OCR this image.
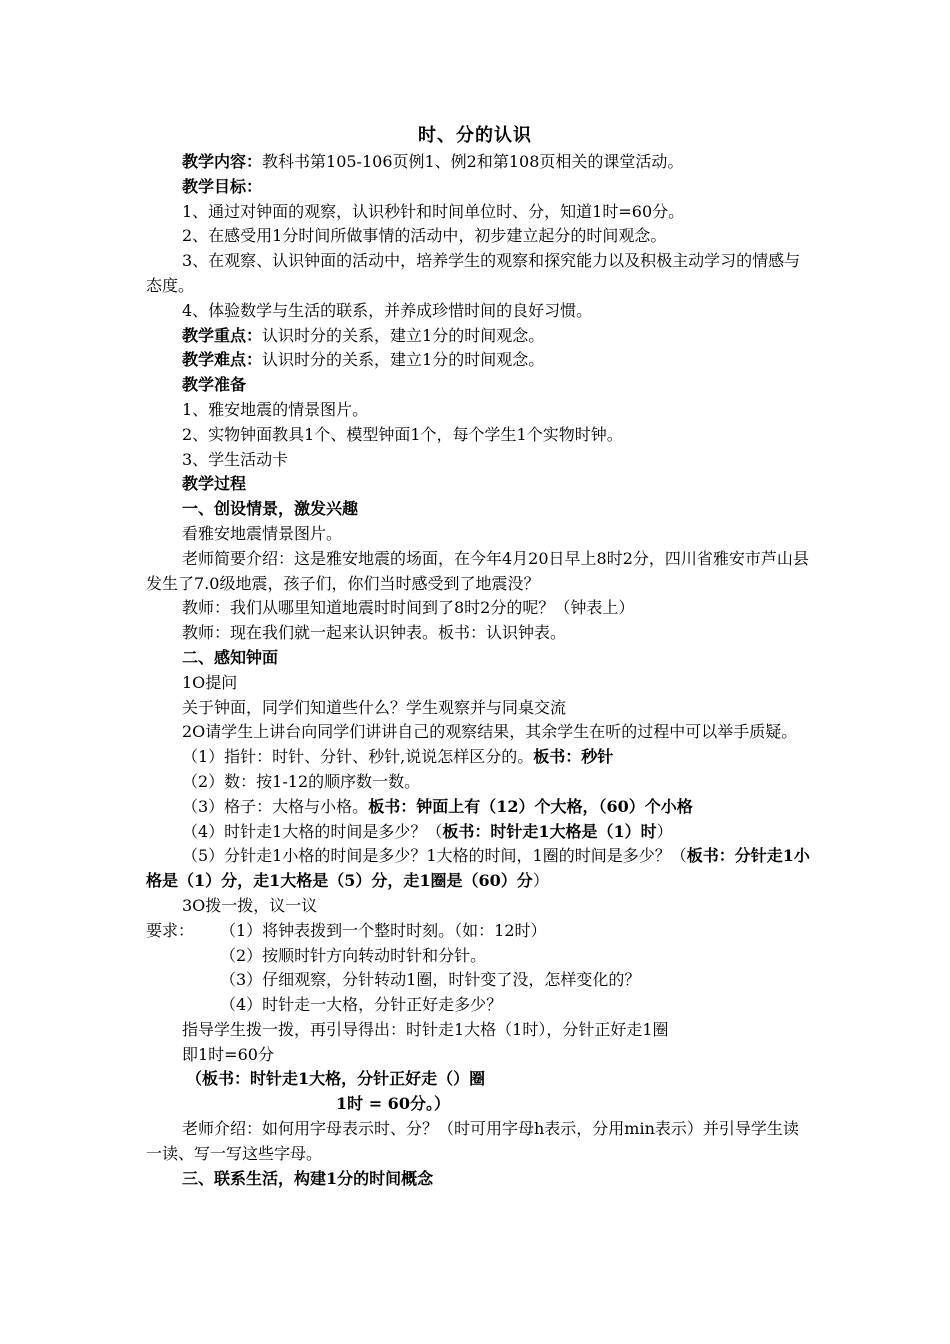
时、分的认识

教学内容：教科书第105-106页例1、例2和第108页相关的课堂活动。

教学目标：

1、通过对钟面的观察，认识秒针和时间单位时、分，知道1时=60分。

2、在感受用1分时间所做事情的活动中，初步建立起分的时间观念。

3、在观察、认识钟面的活动中，培养学生的观察和探究能力以及积极主动学习的情感与态度。

4、体验数学与生活的联系，并养成珍惜时间的良好习惯。

教学重点：认识时分的关系，建立1分的时间观念。

教学难点：认识时分的关系，建立1分的时间观念。

教学准备

1、雅安地震的情景图片。

2、实物钟面教具1个、模型钟面1个，每个学生1个实物时钟。

3、学生活动卡

教学过程

一、创设情景，激发兴趣

看雅安地震情景图片。

老师简要介绍：这是雅安地震的场面，在今年4月20日早上8时2分，四川省雅安市芦山县发生了7.0级地震，孩子们，你们当时感受到了地震没？

教师：我们从哪里知道地震时时间到了8时2分的呢？（钟表上）

教师：现在我们就一起来认识钟表。板书：认识钟表。

二、感知钟面

1O提问

关于钟面，同学们知道些什么？学生观察并与同桌交流

2O请学生上讲台向同学们讲讲自己的观察结果，其余学生在听的过程中可以举手质疑。

（1）指针：时针、分针、秒针,说说怎样区分的。板书：秒针

（2）数：按1-12的顺序数一数。

（3）格子：大格与小格。板书：钟面上有（12）个大格，（60）个小格

（4）时针走1大格的时间是多少？（板书：时针走1大格是（1）时）

（5）分针走1小格的时间是多少？1大格的时间，1圈的时间是多少？（板书：分针走1小格是（1）分，走1大格是（5）分，走1圈是（60）分）

3O拨一拨，议一议

要求： （1）将钟表拨到一个整时时刻。（如：12时）

（2）按顺时针方向转动时针和分针。

（3）仔细观察，分针转动1圈，时针变了没，怎样变化的？

（4）时针走一大格，分针正好走多少？

指导学生拨一拨，再引导得出：时针走1大格（1时），分针正好走1圈

即1时=60分

（板书：时针走1大格，分针正好走（）圈

1时 = 60分。）

老师介绍：如何用字母表示时、分？（时可用字母h表示，分用min表示）并引导学生读一读、写一写这些字母。

三、联系生活，构建1分的时间概念
